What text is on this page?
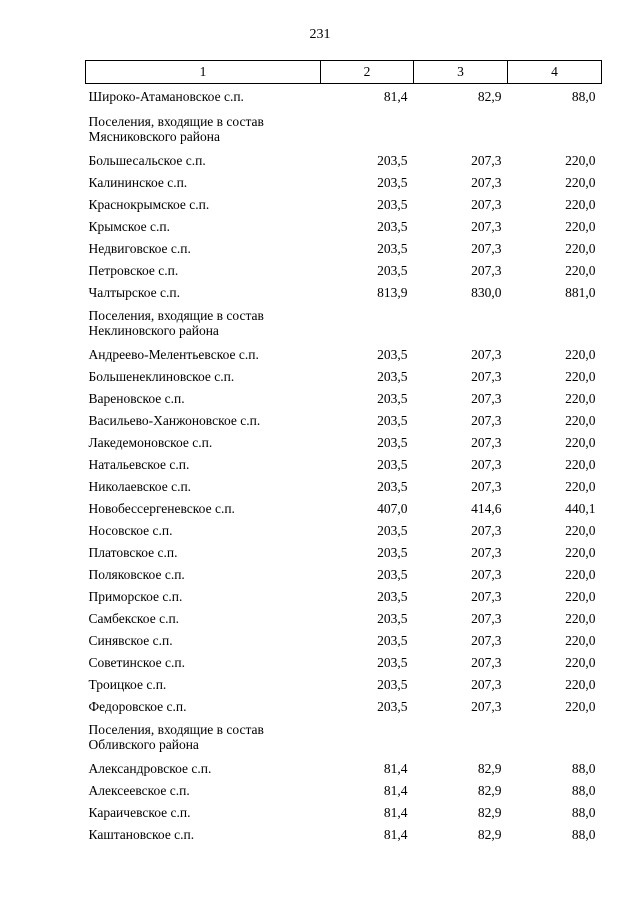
231
1	2	3	4
Широко-Атамановское с.п.	81,4	82,9	88,0

Поселения, входящие в состав
Мясниковского района			

Большесальское с.п.	203,5	207,3	220,0
Калининское с.п.	203,5	207,3	220,0
Краснокрымское с.п.	203,5	207,3	220,0
Крымское с.п.	203,5	207,3	220,0
Недвиговское с.п.	203,5	207,3	220,0
Петровское с.п.	203,5	207,3	220,0
Чалтырское с.п.	813,9	830,0	881,0

Поселения, входящие в состав
Неклиновского района			

Андреево-Мелентьевское с.п.	203,5	207,3	220,0
Большенеклиновское с.п.	203,5	207,3	220,0
Вареновское с.п.	203,5	207,3	220,0
Васильево-Ханжоновское с.п.	203,5	207,3	220,0
Лакедемоновское с.п.	203,5	207,3	220,0
Натальевское с.п.	203,5	207,3	220,0
Николаевское с.п.	203,5	207,3	220,0
Новобессергеневское с.п.	407,0	414,6	440,1
Носовское с.п.	203,5	207,3	220,0
Платовское с.п.	203,5	207,3	220,0
Поляковское с.п.	203,5	207,3	220,0
Приморское с.п.	203,5	207,3	220,0
Самбекское с.п.	203,5	207,3	220,0
Синявское с.п.	203,5	207,3	220,0
Советинское с.п.	203,5	207,3	220,0
Троицкое с.п.	203,5	207,3	220,0
Федоровское с.п.	203,5	207,3	220,0

Поселения, входящие в состав
Обливского района			

Александровское с.п.	81,4	82,9	88,0
Алексеевское с.п.	81,4	82,9	88,0
Караичевское с.п.	81,4	82,9	88,0
Каштановское с.п.	81,4	82,9	88,0
